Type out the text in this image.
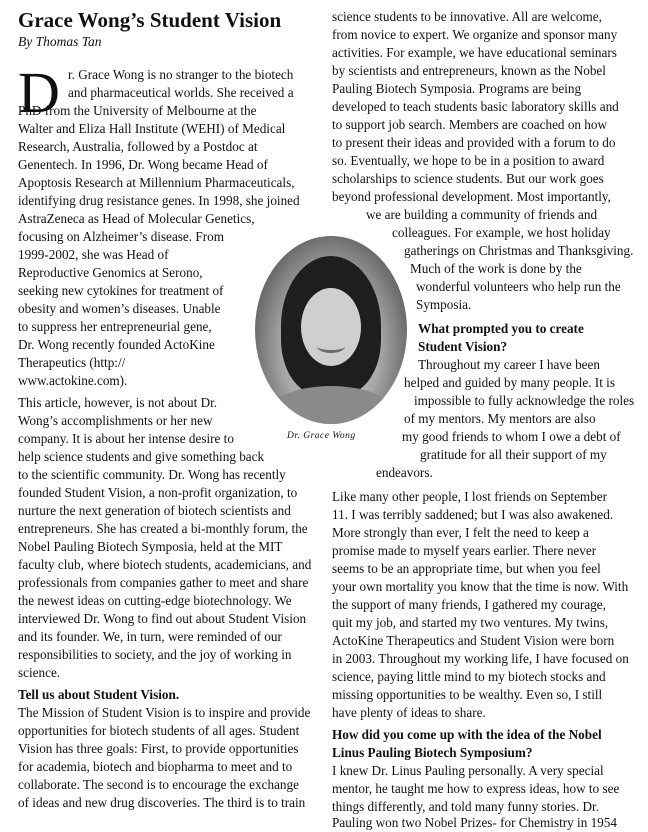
Grace Wong’s Student Vision
By Thomas Tan
D
Dr. Grace Wong
r. Grace Wong is no stranger to the biotech
and pharmaceutical worlds. She received a
PhD from the University of Melbourne at the
Walter and Eliza Hall Institute (WEHI) of Medical
Research, Australia, followed by a Postdoc at
Genentech. In 1996, Dr. Wong became Head of
Apoptosis Research at Millennium Pharmaceuticals,
identifying drug resistance genes. In 1998, she joined
AstraZeneca as Head of Molecular Genetics,
focusing on Alzheimer’s disease. From
1999-2002, she was Head of
Reproductive Genomics at Serono,
seeking new cytokines for treatment of
obesity and women’s diseases. Unable
to suppress her entrepreneurial gene,
Dr. Wong recently founded ActoKine
Therapeutics (http://
www.actokine.com).
This article, however, is not about Dr.
Wong’s accomplishments or her new
company. It is about her intense desire to
help science students and give something back
to the scientific community. Dr. Wong has recently
founded Student Vision, a non-profit organization, to
nurture the next generation of biotech scientists and
entrepreneurs. She has created a bi-monthly forum, the
Nobel Pauling Biotech Symposia, held at the MIT
faculty club, where biotech students, academicians, and
professionals from companies gather to meet and share
the newest ideas on cutting-edge biotechnology. We
interviewed Dr. Wong to find out about Student Vision
and its founder. We, in turn, were reminded of our
responsibilities to society, and the joy of working in
science.
Tell us about Student Vision.
The Mission of Student Vision is to inspire and provide
opportunities for biotech students of all ages. Student
Vision has three goals: First, to provide opportunities
for academia, biotech and biopharma to meet and to
collaborate. The second is to encourage the exchange
of ideas and new drug discoveries. The third is to train
science students to be innovative. All are welcome,
from novice to expert. We organize and sponsor many
activities. For example, we have educational seminars
by scientists and entrepreneurs, known as the Nobel
Pauling Biotech Symposia. Programs are being
developed to teach students basic laboratory skills and
to support job search. Members are coached on how
to present their ideas and provided with a forum to do
so. Eventually, we hope to be in a position to award
scholarships to science students. But our work goes
beyond professional development. Most importantly,
we are building a community of friends and
colleagues. For example, we host holiday
gatherings on Christmas and Thanksgiving.
Much of the work is done by the
wonderful volunteers who help run the
Symposia.
What prompted you to create
Student Vision?
Throughout my career I have been
helped and guided by many people. It is
impossible to fully acknowledge the roles
of my mentors. My mentors are also
my good friends to whom I owe a debt of
gratitude for all their support of my
endeavors.
Like many other people, I lost friends on September
11. I was terribly saddened; but I was also awakened.
More strongly than ever, I felt the need to keep a
promise made to myself years earlier. There never
seems to be an appropriate time, but when you feel
your own mortality you know that the time is now. With
the support of many friends, I gathered my courage,
quit my job, and started my two ventures. My twins,
ActoKine Therapeutics and Student Vision were born
in 2003. Throughout my working life, I have focused on
science, paying little mind to my biotech stocks and
missing opportunities to be wealthy. Even so, I still
have plenty of ideas to share.
How did you come up with the idea of the Nobel
Linus Pauling Biotech Symposium?
I knew Dr. Linus Pauling personally. A very special
mentor, he taught me how to express ideas, how to see
things differently, and told many funny stories. Dr.
Pauling won two Nobel Prizes- for Chemistry in 1954
